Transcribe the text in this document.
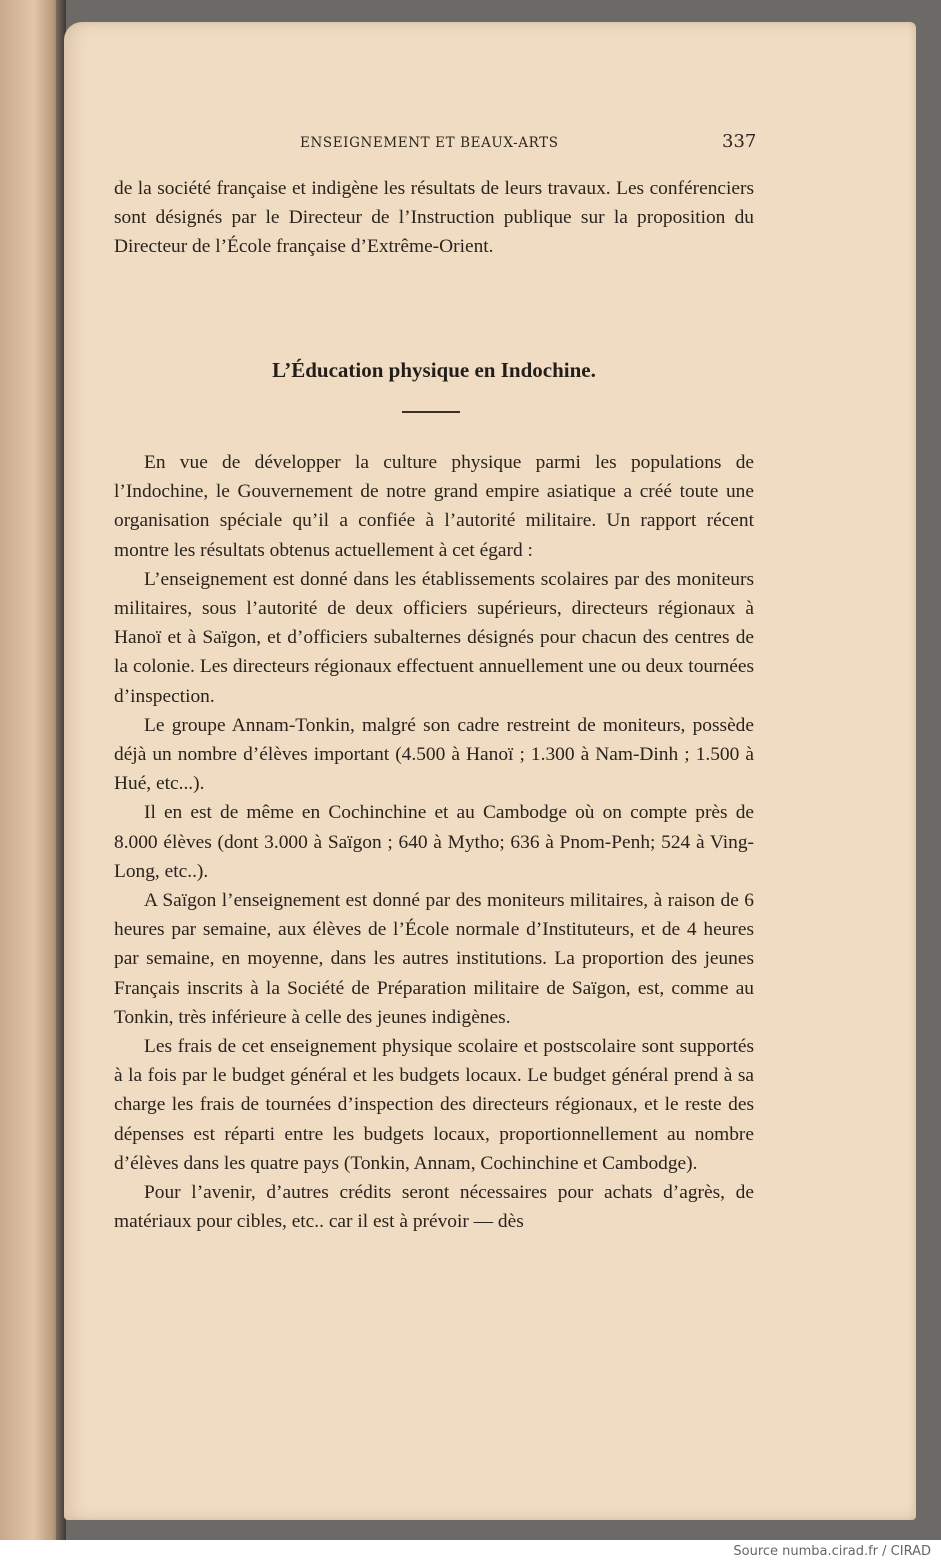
ENSEIGNEMENT ET BEAUX-ARTS	337

de la société française et indigène les résultats de leurs travaux. Les conférenciers sont désignés par le Directeur de l’Instruction publique sur la proposition du Directeur de l’École française d’Extrême-Orient.

L’Éducation physique en Indochine.

En vue de développer la culture physique parmi les populations de l’Indochine, le Gouvernement de notre grand empire asiatique a créé toute une organisation spéciale qu’il a confiée à l’autorité militaire. Un rapport récent montre les résultats obtenus actuellement à cet égard :

L’enseignement est donné dans les établissements scolaires par des moniteurs militaires, sous l’autorité de deux officiers supérieurs, directeurs régionaux à Hanoï et à Saïgon, et d’officiers subalternes désignés pour chacun des centres de la colonie. Les directeurs régionaux effectuent annuellement une ou deux tournées d’inspection.

Le groupe Annam-Tonkin, malgré son cadre restreint de moniteurs, possède déjà un nombre d’élèves important (4.500 à Hanoï ; 1.300 à Nam-Dinh ; 1.500 à Hué, etc...).

Il en est de même en Cochinchine et au Cambodge où on compte près de 8.000 élèves (dont 3.000 à Saïgon ; 640 à Mytho; 636 à Pnom-Penh; 524 à Ving-Long, etc..).

A Saïgon l’enseignement est donné par des moniteurs militaires, à raison de 6 heures par semaine, aux élèves de l’École normale d’Instituteurs, et de 4 heures par semaine, en moyenne, dans les autres institutions. La proportion des jeunes Français inscrits à la Société de Préparation militaire de Saïgon, est, comme au Tonkin, très inférieure à celle des jeunes indigènes.

Les frais de cet enseignement physique scolaire et postscolaire sont supportés à la fois par le budget général et les budgets locaux. Le budget général prend à sa charge les frais de tournées d’inspection des directeurs régionaux, et le reste des dépenses est réparti entre les budgets locaux, proportionnellement au nombre d’élèves dans les quatre pays (Tonkin, Annam, Cochinchine et Cambodge).

Pour l’avenir, d’autres crédits seront nécessaires pour achats d’agrès, de matériaux pour cibles, etc.. car il est à prévoir — dès

Source numba.cirad.fr / CIRAD
